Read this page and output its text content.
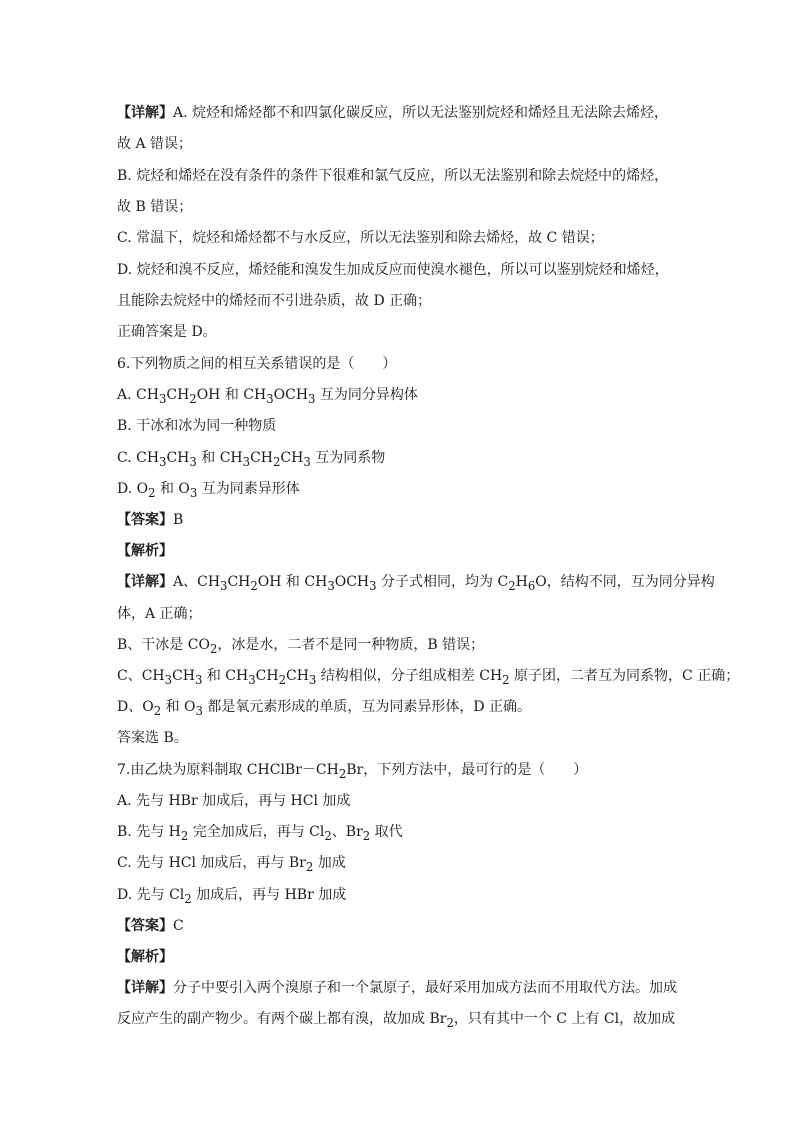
【详解】A. 烷烃和烯烃都不和四氯化碳反应，所以无法鉴别烷烃和烯烃且无法除去烯烃，
故 A 错误；
B. 烷烃和烯烃在没有条件的条件下很难和氯气反应，所以无法鉴别和除去烷烃中的烯烃，
故 B 错误；
C. 常温下，烷烃和烯烃都不与水反应，所以无法鉴别和除去烯烃，故 C 错误；
D. 烷烃和溴不反应，烯烃能和溴发生加成反应而使溴水褪色，所以可以鉴别烷烃和烯烃，
且能除去烷烃中的烯烃而不引进杂质，故 D 正确；
正确答案是 D。
6.下列物质之间的相互关系错误的是（　　）
A. $CH_3CH_2OH$ 和 $CH_3OCH_3$ 互为同分异构体
B. 干冰和冰为同一种物质
C. $CH_3CH_3$ 和 $CH_3CH_2CH_3$ 互为同系物
D. $O_2$ 和 $O_3$ 互为同素异形体
【答案】B
【解析】
【详解】A、$CH_3CH_2OH$ 和 $CH_3OCH_3$ 分子式相同，均为 $C_2H_6O$，结构不同，互为同分异构
体，A 正确；
B、干冰是 $CO_2$，冰是水，二者不是同一种物质，B 错误；
C、$CH_3CH_3$ 和 $CH_3CH_2CH_3$ 结构相似，分子组成相差 $CH_2$ 原子团，二者互为同系物，C 正确；
D、$O_2$ 和 $O_3$ 都是氧元素形成的单质，互为同素异形体，D 正确。
答案选 B。
7.由乙炔为原料制取 $CHClBr-CH_2Br$，下列方法中，最可行的是（　　）
A. 先与 HBr 加成后，再与 HCl 加成
B. 先与 $H_2$ 完全加成后，再与 $Cl_2$、$Br_2$ 取代
C. 先与 HCl 加成后，再与 $Br_2$ 加成
D. 先与 $Cl_2$ 加成后，再与 HBr 加成
【答案】C
【解析】
【详解】分子中要引入两个溴原子和一个氯原子，最好采用加成方法而不用取代方法。加成
反应产生的副产物少。有两个碳上都有溴，故加成 $Br_2$，只有其中一个 C 上有 Cl，故加成
